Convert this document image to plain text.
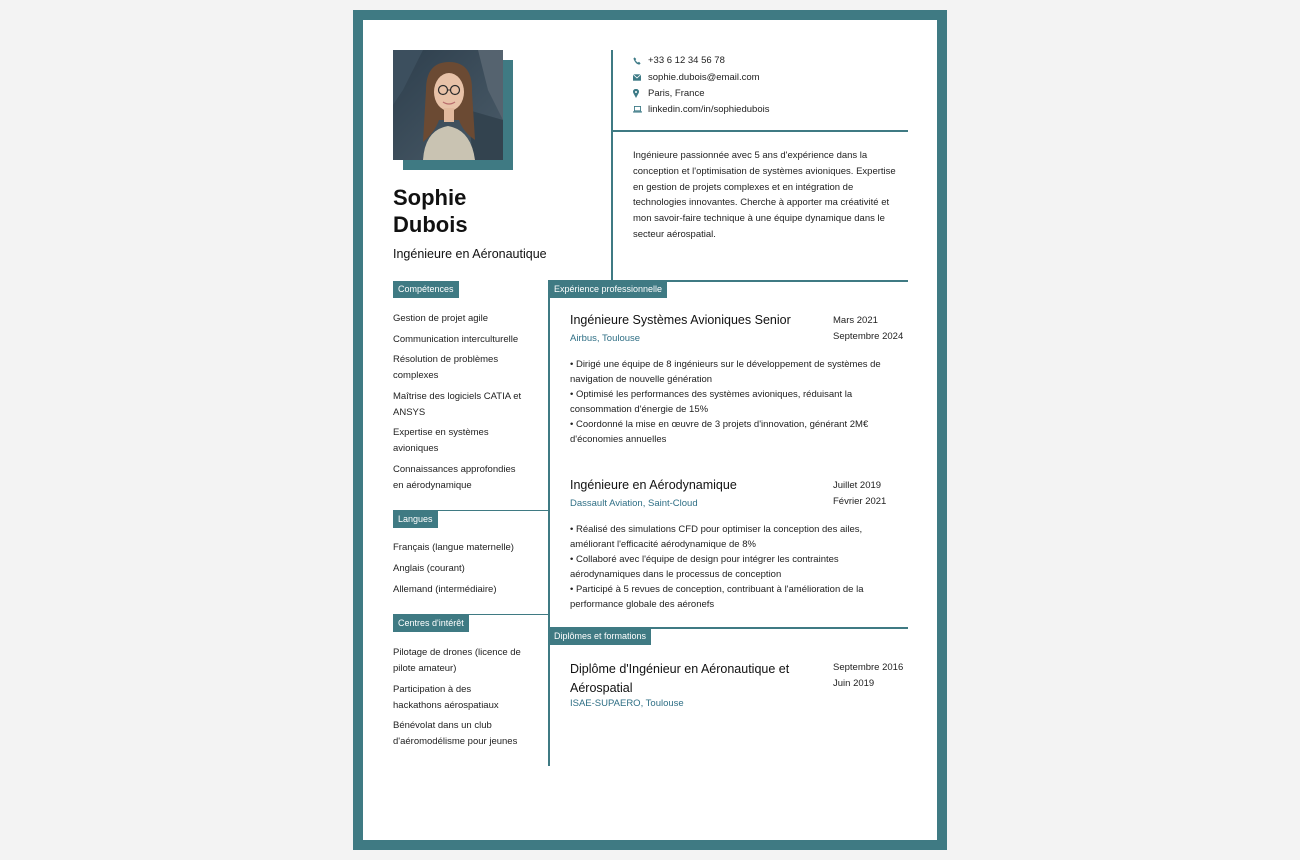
Sophie
Dubois
Ingénieure en Aéronautique
+33 6 12 34 56 78
sophie.dubois@email.com
Paris, France
linkedin.com/in/sophiedubois
Ingénieure passionnée avec 5 ans d'expérience dans la
conception et l'optimisation de systèmes avioniques. Expertise
en gestion de projets complexes et en intégration de
technologies innovantes. Cherche à apporter ma créativité et
mon savoir-faire technique à une équipe dynamique dans le
secteur aérospatial.
Compétences
Gestion de projet agile
Communication interculturelle
Résolution de problèmes
complexes
Maîtrise des logiciels CATIA et
ANSYS
Expertise en systèmes
avioniques
Connaissances approfondies
en aérodynamique
Langues
Français (langue maternelle)
Anglais (courant)
Allemand (intermédiaire)
Centres d'intérêt
Pilotage de drones (licence de
pilote amateur)
Participation à des
hackathons aérospatiaux
Bénévolat dans un club
d'aéromodélisme pour jeunes
Expérience professionnelle
Ingénieure Systèmes Avioniques Senior
Airbus, Toulouse
Mars 2021
Septembre 2024
• Dirigé une équipe de 8 ingénieurs sur le développement de systèmes de
navigation de nouvelle génération
• Optimisé les performances des systèmes avioniques, réduisant la
consommation d'énergie de 15%
• Coordonné la mise en œuvre de 3 projets d'innovation, générant 2M€
d'économies annuelles
Ingénieure en Aérodynamique
Dassault Aviation, Saint-Cloud
Juillet 2019
Février 2021
• Réalisé des simulations CFD pour optimiser la conception des ailes,
améliorant l'efficacité aérodynamique de 8%
• Collaboré avec l'équipe de design pour intégrer les contraintes
aérodynamiques dans le processus de conception
• Participé à 5 revues de conception, contribuant à l'amélioration de la
performance globale des aéronefs
Diplômes et formations
Diplôme d'Ingénieur en Aéronautique et
Aérospatial
ISAE-SUPAERO, Toulouse
Septembre 2016
Juin 2019
